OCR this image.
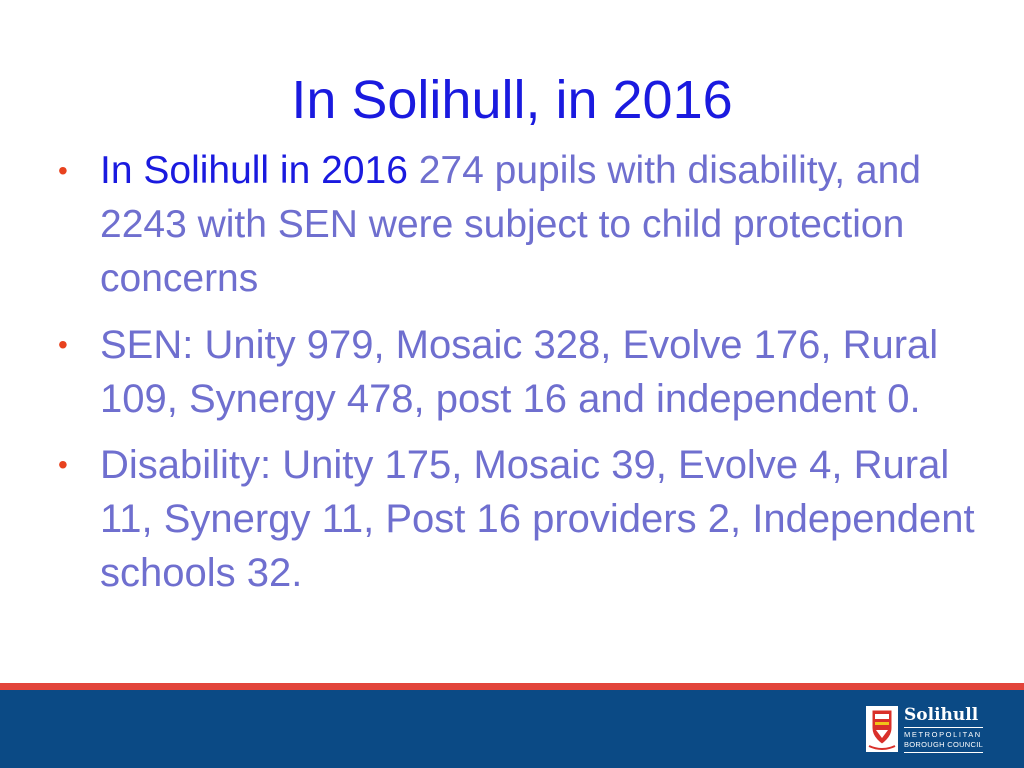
In Solihull, in 2016
• In Solihull in 2016 274 pupils with disability, and 2243 with SEN were subject to child protection concerns
• SEN: Unity 979, Mosaic 328, Evolve 176, Rural 109, Synergy 478, post 16 and independent 0.
• Disability: Unity 175, Mosaic 39, Evolve 4, Rural 11, Synergy 11, Post 16 providers 2, Independent schools 32.
Solihull
METROPOLITAN
BOROUGH COUNCIL
